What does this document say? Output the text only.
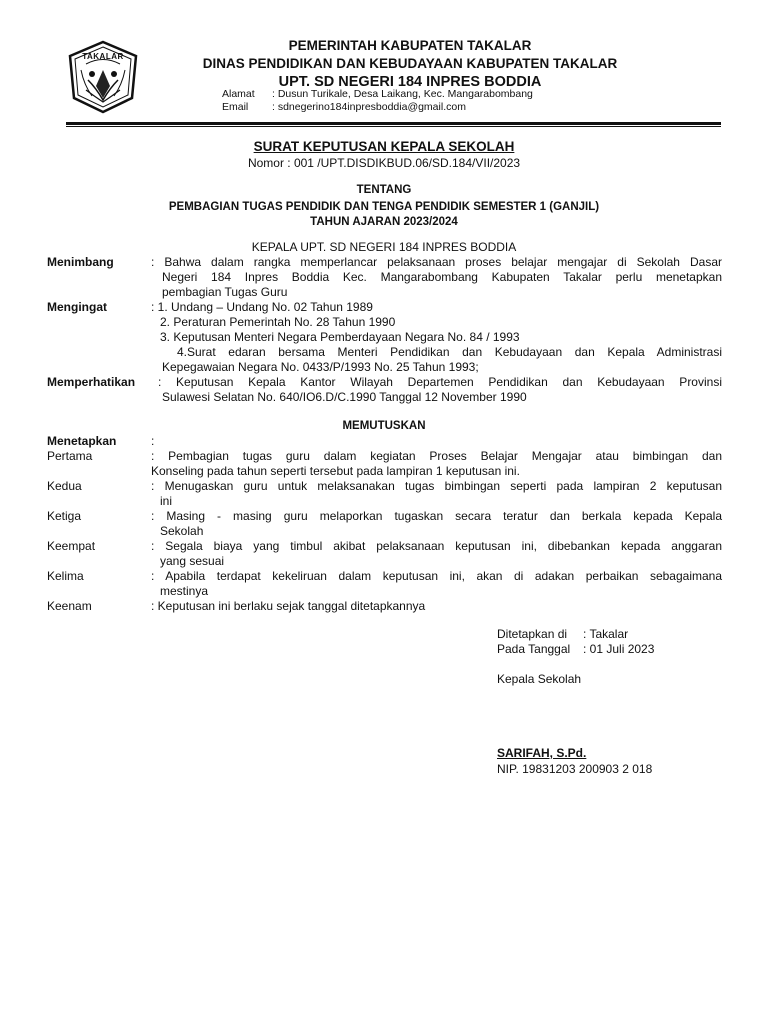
TAKALAR
PEMERINTAH KABUPATEN TAKALAR
DINAS PENDIDIKAN DAN KEBUDAYAAN KABUPATEN TAKALAR
UPT. SD NEGERI 184 INPRES BODDIA
Alamat	: Dusun Turikale, Desa Laikang, Kec. Mangarabombang
Email	: sdnegerino184inpresboddia@gmail.com
SURAT KEPUTUSAN KEPALA SEKOLAH
Nomor : 001 /UPT.DISDIKBUD.06/SD.184/VII/2023
TENTANG
PEMBAGIAN TUGAS PENDIDIK DAN TENGA PENDIDIK SEMESTER 1 (GANJIL)
TAHUN AJARAN 2023/2024
KEPALA UPT. SD NEGERI 184 INPRES BODDIA
Menimbang	: Bahwa dalam rangka memperlancar pelaksanaan proses belajar mengajar di Sekolah Dasar
Negeri 184 Inpres Boddia Kec. Mangarabombang Kabupaten Takalar perlu menetapkan
pembagian Tugas Guru
Mengingat	: 1. Undang – Undang No. 02 Tahun 1989
2. Peraturan Pemerintah No. 28 Tahun 1990
3. Keputusan Menteri Negara Pemberdayaan Negara No. 84 / 1993
4.Surat edaran bersama Menteri Pendidikan dan Kebudayaan dan Kepala Administrasi
Kepegawaian Negara No. 0433/P/1993 No. 25 Tahun 1993;
Memperhatikan : Keputusan Kepala Kantor Wilayah Departemen Pendidikan dan Kebudayaan Provinsi
Sulawesi Selatan No. 640/IO6.D/C.1990 Tanggal 12 November 1990
MEMUTUSKAN
Menetapkan	:
Pertama	: Pembagian tugas guru dalam kegiatan Proses Belajar Mengajar atau bimbingan dan
Konseling pada tahun seperti tersebut pada lampiran 1 keputusan ini.
Kedua	: Menugaskan guru untuk melaksanakan tugas bimbingan seperti pada lampiran 2 keputusan
ini
Ketiga	: Masing - masing guru melaporkan tugaskan secara teratur dan berkala kepada Kepala
Sekolah
Keempat	: Segala biaya yang timbul akibat pelaksanaan keputusan ini, dibebankan kepada anggaran
yang sesuai
Kelima	: Apabila terdapat kekeliruan dalam keputusan ini, akan di adakan perbaikan sebagaimana
mestinya
Keenam	: Keputusan ini berlaku sejak tanggal ditetapkannya
Ditetapkan di	: Takalar
Pada Tanggal	: 01 Juli 2023
Kepala Sekolah
SARIFAH, S.Pd.
NIP. 19831203 200903 2 018
